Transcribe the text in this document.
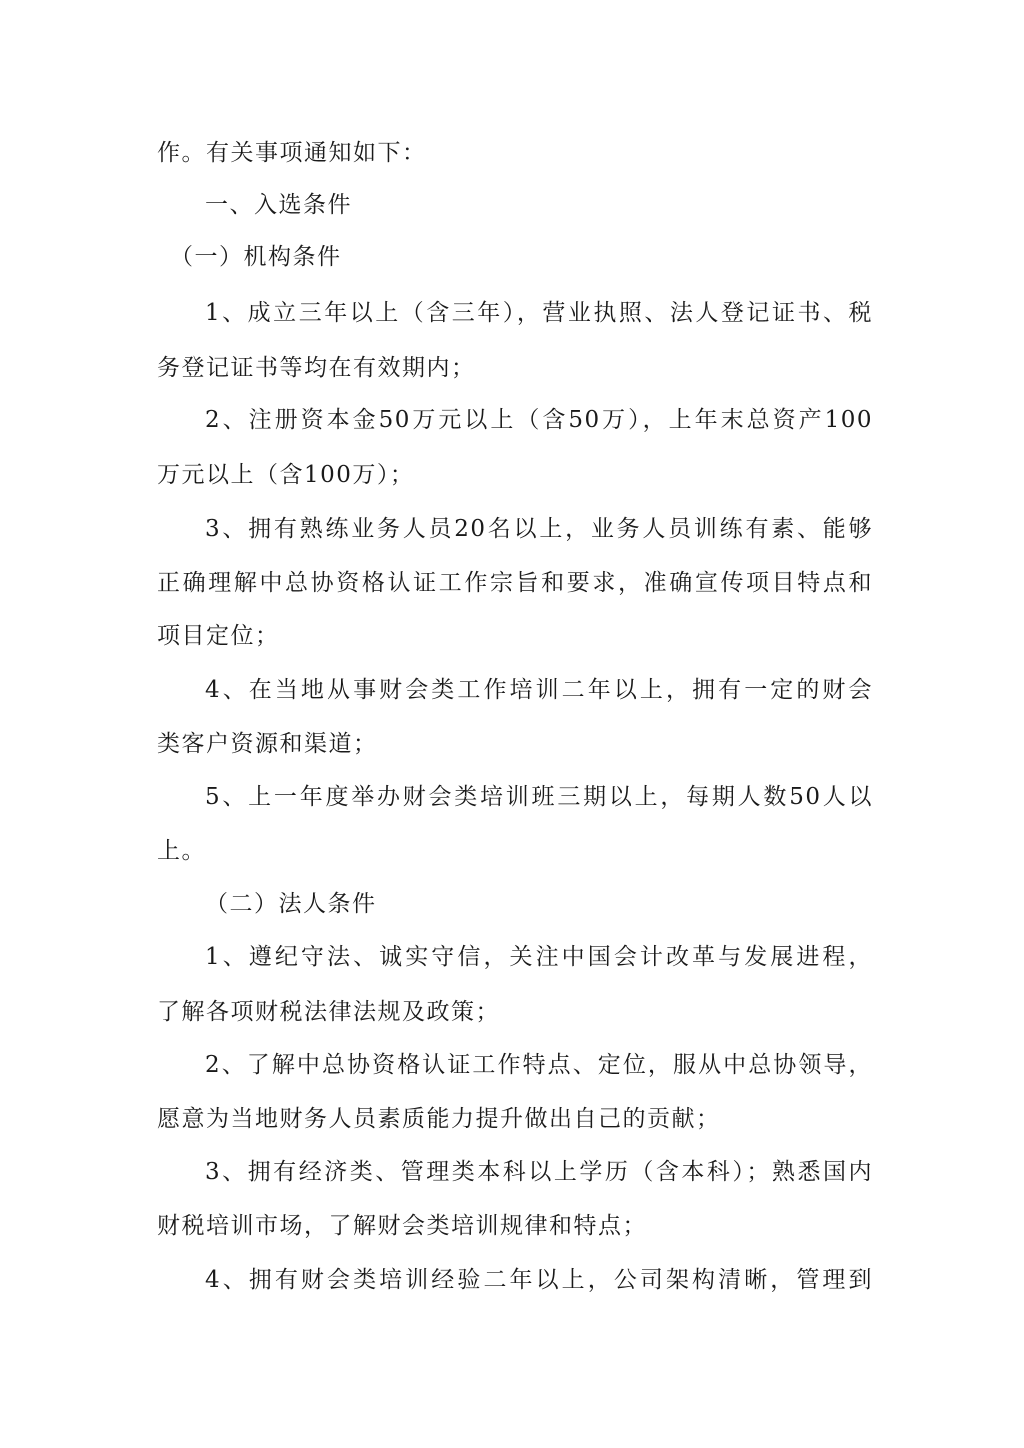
作。有关事项通知如下：
一、入选条件
（一）机构条件
1、成立三年以上（含三年），营业执照、法人登记证书、税
务登记证书等均在有效期内；
2、注册资本金50万元以上（含50万），上年末总资产100
万元以上（含100万）；
3、拥有熟练业务人员20名以上，业务人员训练有素、能够
正确理解中总协资格认证工作宗旨和要求，准确宣传项目特点和
项目定位；
4、在当地从事财会类工作培训二年以上，拥有一定的财会
类客户资源和渠道；
5、上一年度举办财会类培训班三期以上，每期人数50人以
上。
（二）法人条件
1、遵纪守法、诚实守信，关注中国会计改革与发展进程，
了解各项财税法律法规及政策；
2、了解中总协资格认证工作特点、定位，服从中总协领导，
愿意为当地财务人员素质能力提升做出自己的贡献；
3、拥有经济类、管理类本科以上学历（含本科）；熟悉国内
财税培训市场，了解财会类培训规律和特点；
4、拥有财会类培训经验二年以上，公司架构清晰，管理到
